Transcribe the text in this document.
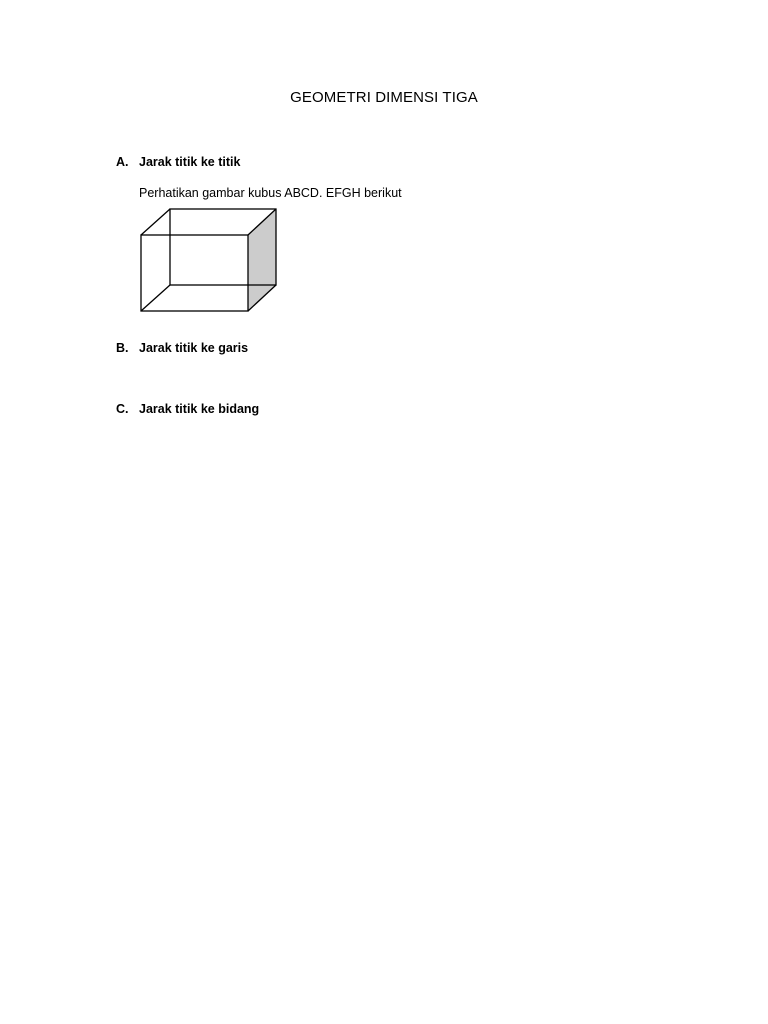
GEOMETRI DIMENSI TIGA
A. Jarak titik ke titik
Perhatikan gambar kubus ABCD. EFGH berikut
B. Jarak titik ke garis
C. Jarak titik ke bidang
